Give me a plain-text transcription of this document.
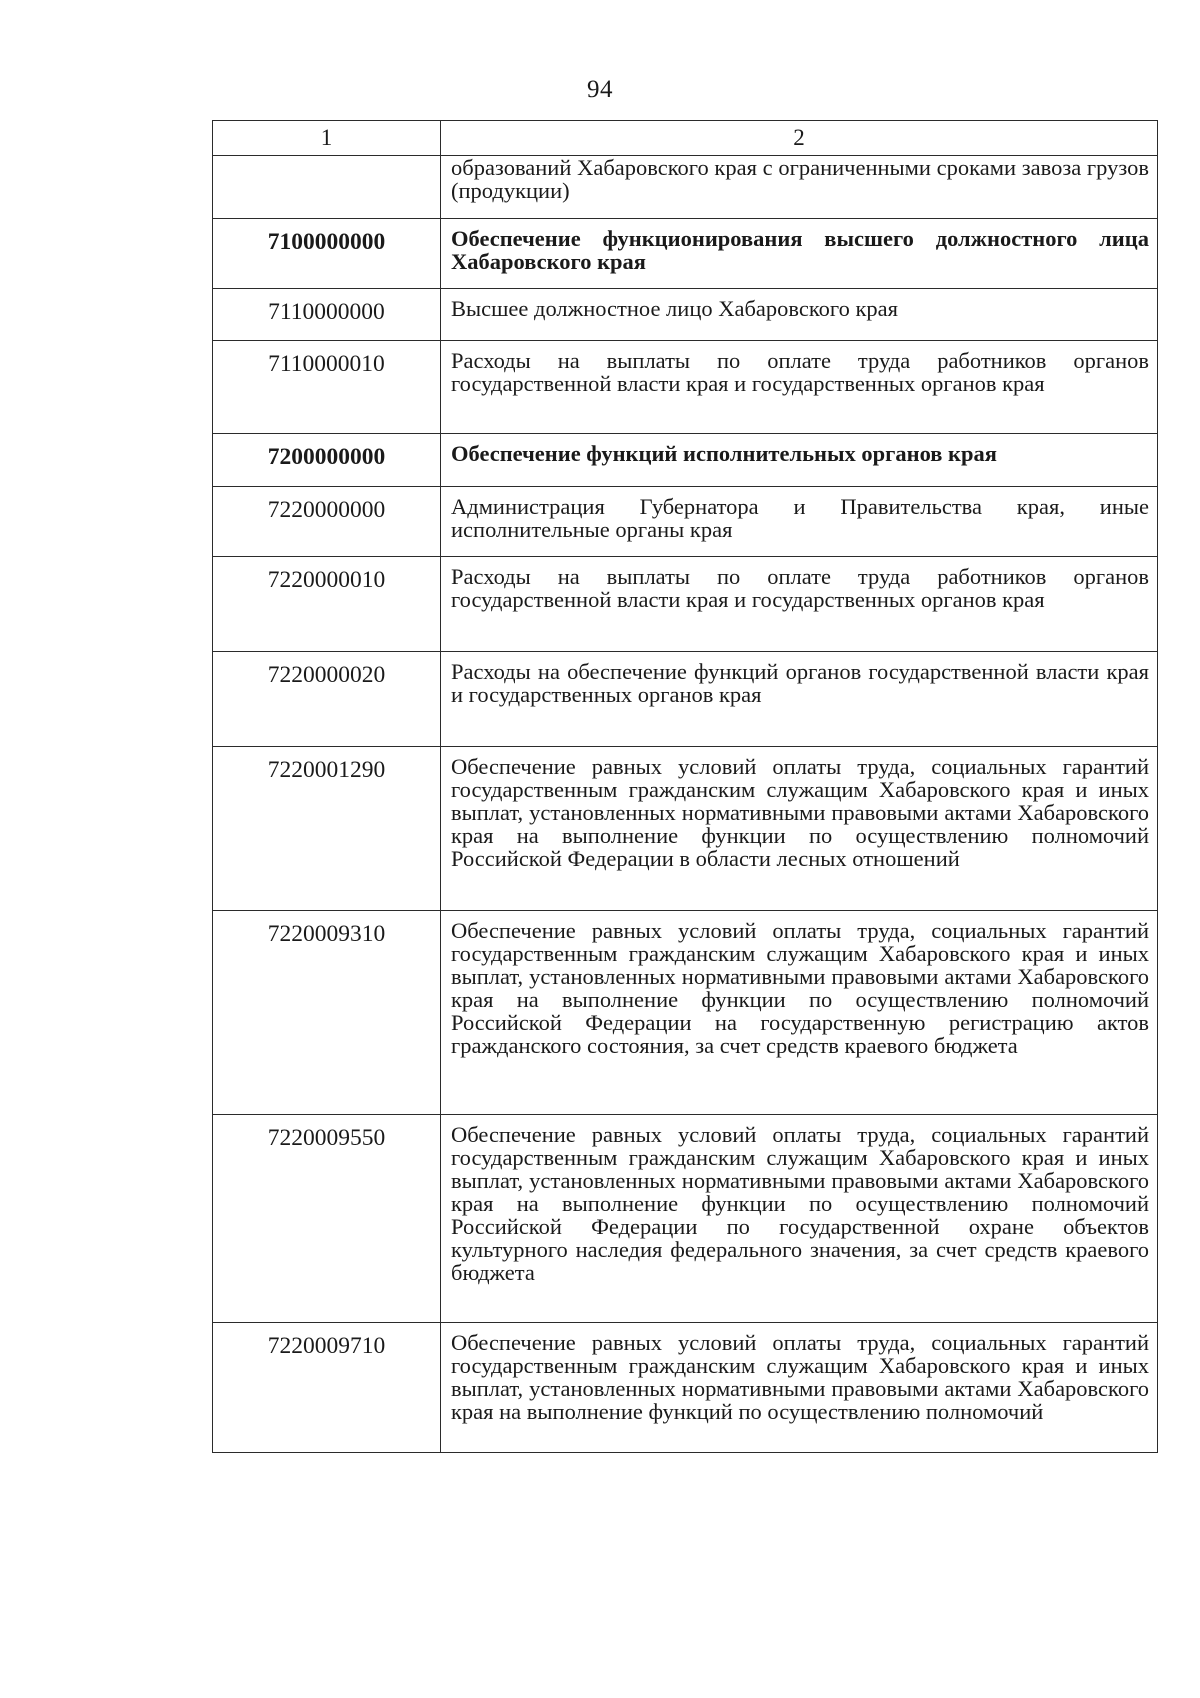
94
1	2

	образований Хабаровского края с ограниченными сроками завоза грузов (продукции)

7100000000	Обеспечение функционирования высшего должностного лица Хабаровского края

7110000000	Высшее должностное лицо Хабаровского края

7110000010	Расходы на выплаты по оплате труда работников органов государственной власти края и государственных органов края

7200000000	Обеспечение функций исполнительных органов края

7220000000	Администрация Губернатора и Правительства края, иные исполнительные органы края

7220000010	Расходы на выплаты по оплате труда работников органов государственной власти края и государственных органов края

7220000020	Расходы на обеспечение функций органов государственной власти края и государственных органов края

7220001290	Обеспечение равных условий оплаты труда, социальных гарантий государственным гражданским служащим Хабаровского края и иных выплат, установленных нормативными правовыми актами Хабаровского края на выполнение функции по осуществлению полномочий Российской Федерации в области лесных отношений

7220009310	Обеспечение равных условий оплаты труда, социальных гарантий государственным гражданским служащим Хабаровского края и иных выплат, установленных нормативными правовыми актами Хабаровского края на выполнение функции по осуществлению полномочий Российской Федерации на государственную регистрацию актов гражданского состояния, за счет средств краевого бюджета

7220009550	Обеспечение равных условий оплаты труда, социальных гарантий государственным гражданским служащим Хабаровского края и иных выплат, установленных нормативными правовыми актами Хабаровского края на выполнение функции по осуществлению полномочий Российской Федерации по государственной охране объектов культурного наследия федерального значения, за счет средств краевого бюджета

7220009710	Обеспечение равных условий оплаты труда, социальных гарантий государственным гражданским служащим Хабаровского края и иных выплат, установленных нормативными правовыми актами Хабаровского края на выполнение функций по осуществлению полномочий
